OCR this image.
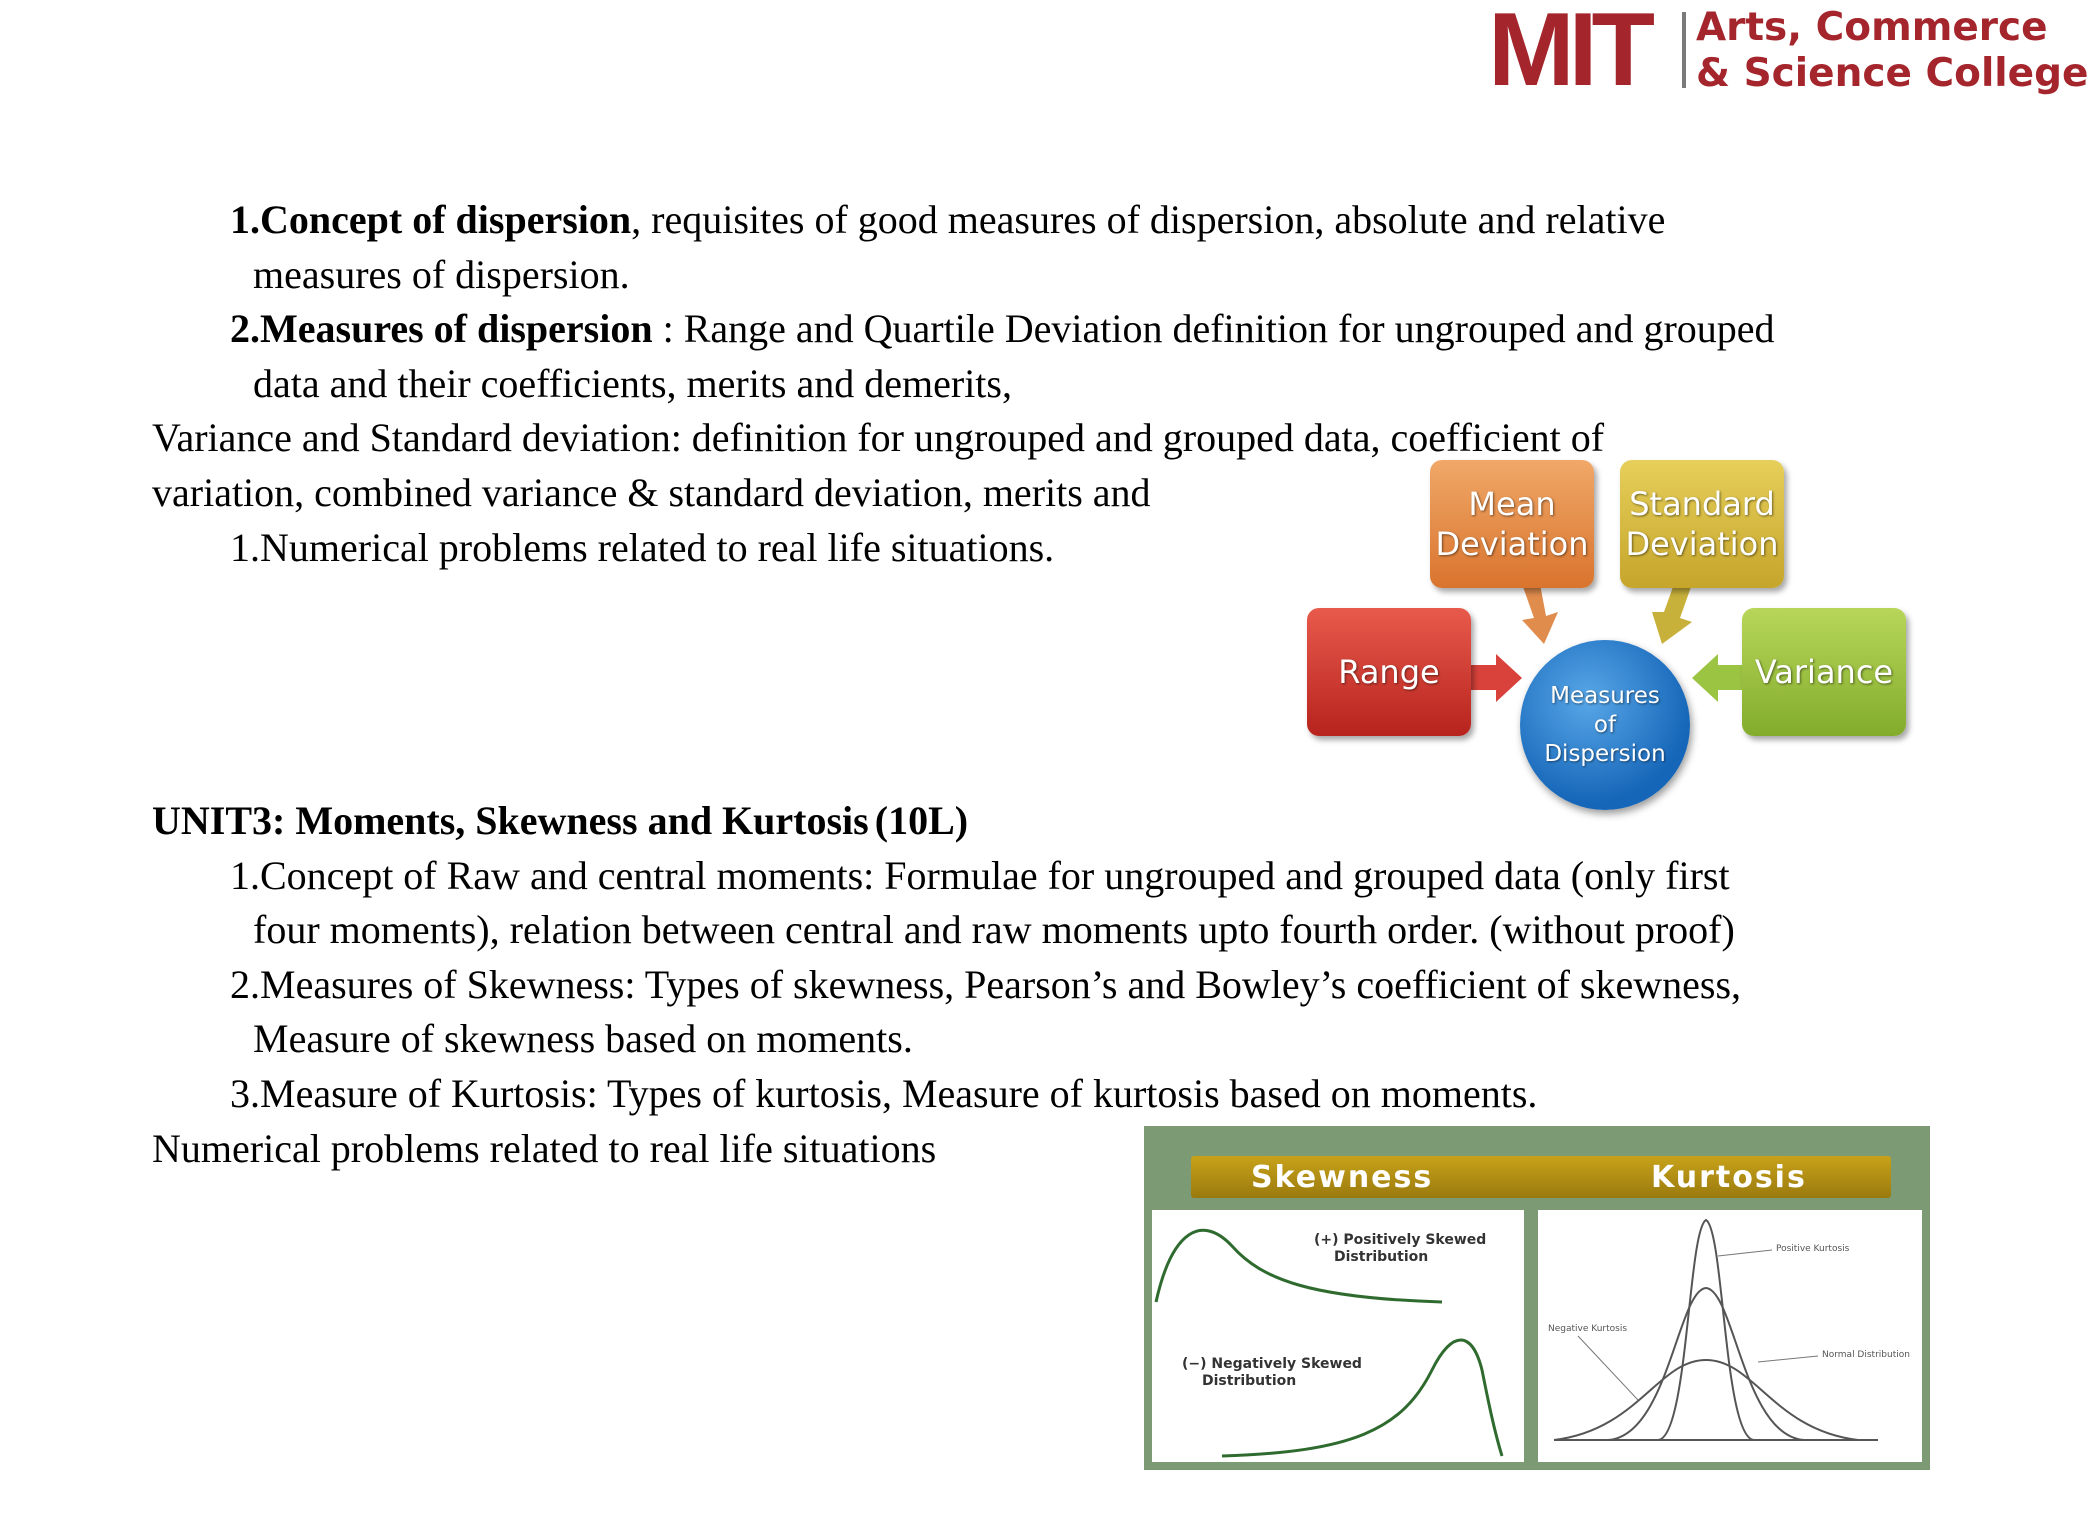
MIT Arts, Commerce
& Science College
1.Concept of dispersion, requisites of good measures of dispersion, absolute and relative
measures of dispersion.
2.Measures of dispersion : Range and Quartile Deviation definition for ungrouped and grouped
data and their coefficients, merits and demerits,
Variance and Standard deviation: definition for ungrouped and grouped data, coefficient of
variation, combined variance & standard deviation, merits and
1.Numerical problems related to real life situations.
Mean
Deviation
Standard
Deviation
Range	Variance
Measures
of
Dispersion
UNIT3: Moments, Skewness and Kurtosis (10L)
1.Concept of Raw and central moments: Formulae for ungrouped and grouped data (only first
four moments), relation between central and raw moments upto fourth order. (without proof)
2.Measures of Skewness: Types of skewness, Pearson’s and Bowley’s coefficient of skewness,
Measure of skewness based on moments.
3.Measure of Kurtosis: Types of kurtosis, Measure of kurtosis based on moments.
Numerical problems related to real life situations
Skewness	Kurtosis
(+) Positively Skewed
Distribution
(−) Negatively Skewed
Distribution
Positive Kurtosis
Negative Kurtosis
Normal Distribution
